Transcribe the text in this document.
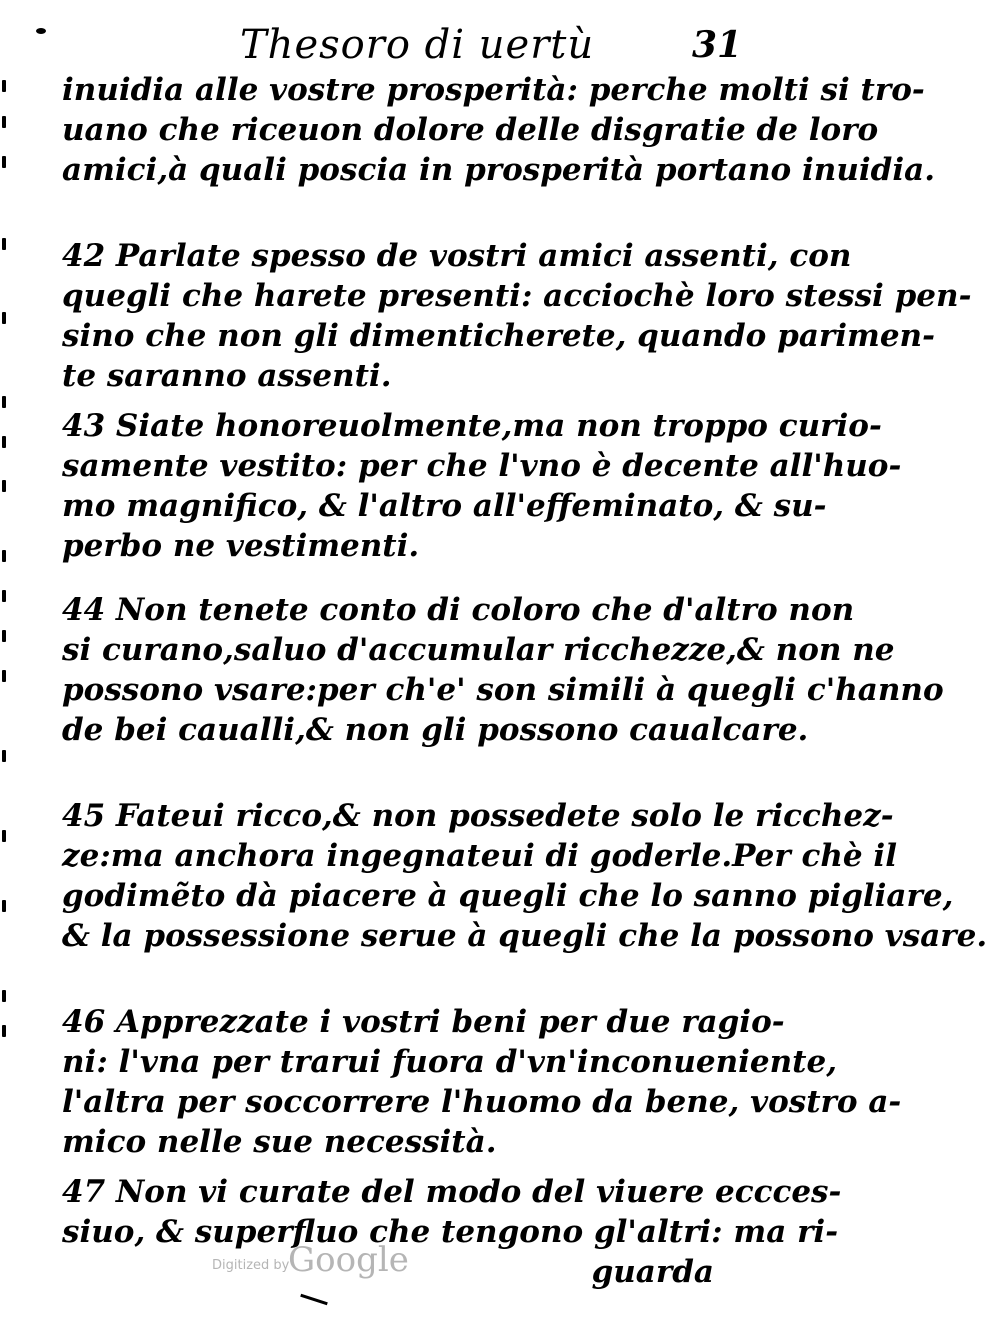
Thesoro di uertù	31
inuidia alle vostre prosperità: perche molti si tro-
uano che riceuon dolore delle disgratie de loro
amici,à quali poscia in prosperità portano inuidia.
42 Parlate spesso de vostri amici assenti, con
quegli che harete presenti: acciochè loro stessi pen-
sino che non gli dimenticherete, quando parimen-
te saranno assenti.
43 Siate honoreuolmente,ma non troppo curio-
samente vestito: per che l'vno è decente all'huo-
mo magnifico, & l'altro all'effeminato, & su-
perbo ne vestimenti.
44 Non tenete conto di coloro che d'altro non
si curano,saluo d'accumular ricchezze,& non ne
possono vsare:per ch'e' son simili à quegli c'hanno
de bei caualli,& non gli possono caualcare.
45 Fateui ricco,& non possedete solo le ricchez-
ze:ma anchora ingegnateui di goderle.Per chè il
godimẽto dà piacere à quegli che lo sanno pigliare,
& la possessione serue à quegli che la possono vsare.
46 Apprezzate i vostri beni per due ragio-
ni: l'vna per trarui fuora d'vn'inconueniente,
l'altra per soccorrere l'huomo da bene, vostro a-
mico nelle sue necessità.
47 Non vi curate del modo del viuere eccces-
siuo, & superfluo che tengono gl'altri: ma ri-
guarda
Digitized by
Google
